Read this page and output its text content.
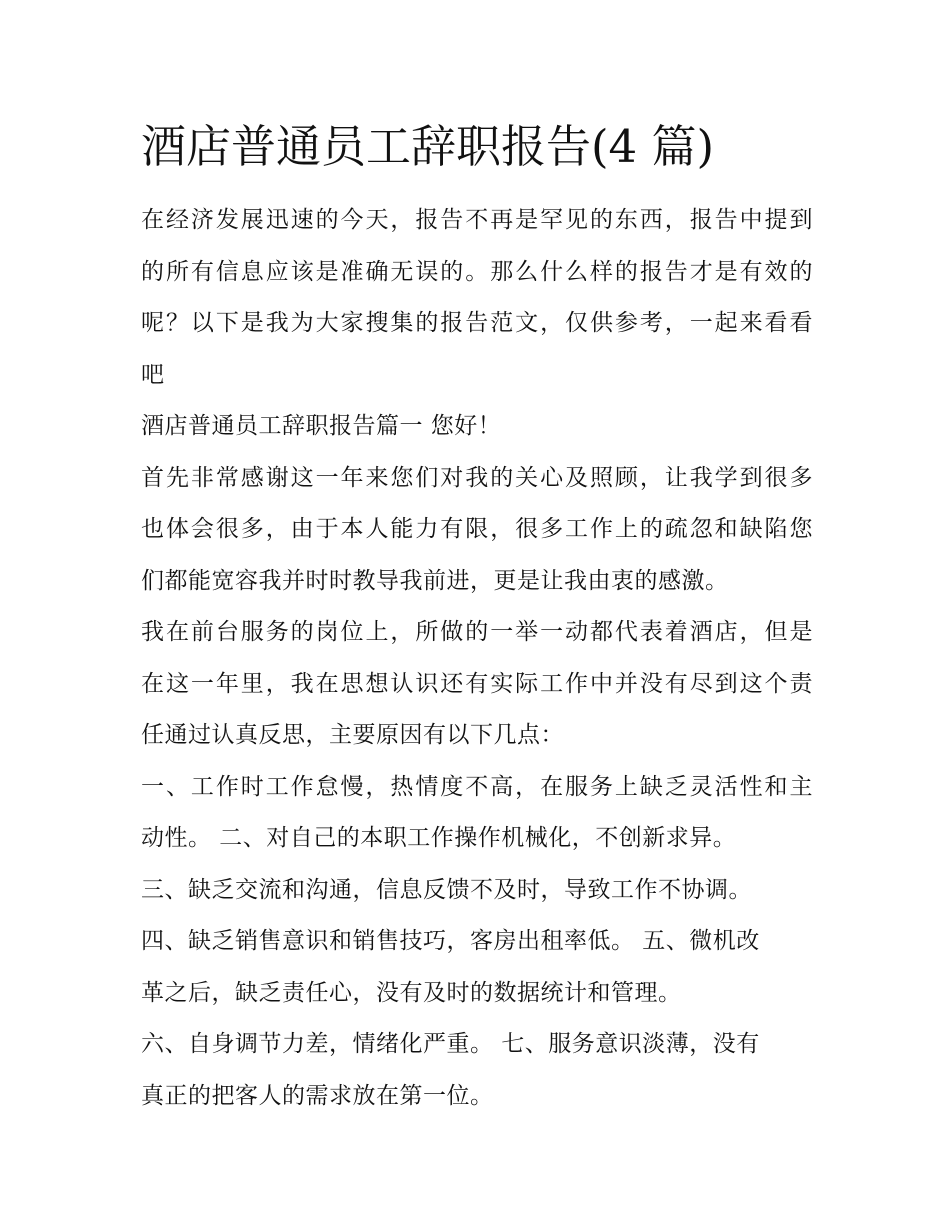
酒店普通员工辞职报告(4 篇)
在经济发展迅速的今天，报告不再是罕见的东西，报告中提到
的所有信息应该是准确无误的。那么什么样的报告才是有效的
呢？以下是我为大家搜集的报告范文，仅供参考，一起来看看
吧
酒店普通员工辞职报告篇一 您好！
首先非常感谢这一年来您们对我的关心及照顾，让我学到很多
也体会很多，由于本人能力有限，很多工作上的疏忽和缺陷您
们都能宽容我并时时教导我前进，更是让我由衷的感激。
我在前台服务的岗位上，所做的一举一动都代表着酒店，但是
在这一年里，我在思想认识还有实际工作中并没有尽到这个责
任通过认真反思，主要原因有以下几点：
一、工作时工作怠慢，热情度不高，在服务上缺乏灵活性和主
动性。 二、对自己的本职工作操作机械化，不创新求异。
三、缺乏交流和沟通，信息反馈不及时，导致工作不协调。
四、缺乏销售意识和销售技巧，客房出租率低。 五、微机改
革之后，缺乏责任心，没有及时的数据统计和管理。
六、自身调节力差，情绪化严重。 七、服务意识淡薄，没有
真正的把客人的需求放在第一位。
